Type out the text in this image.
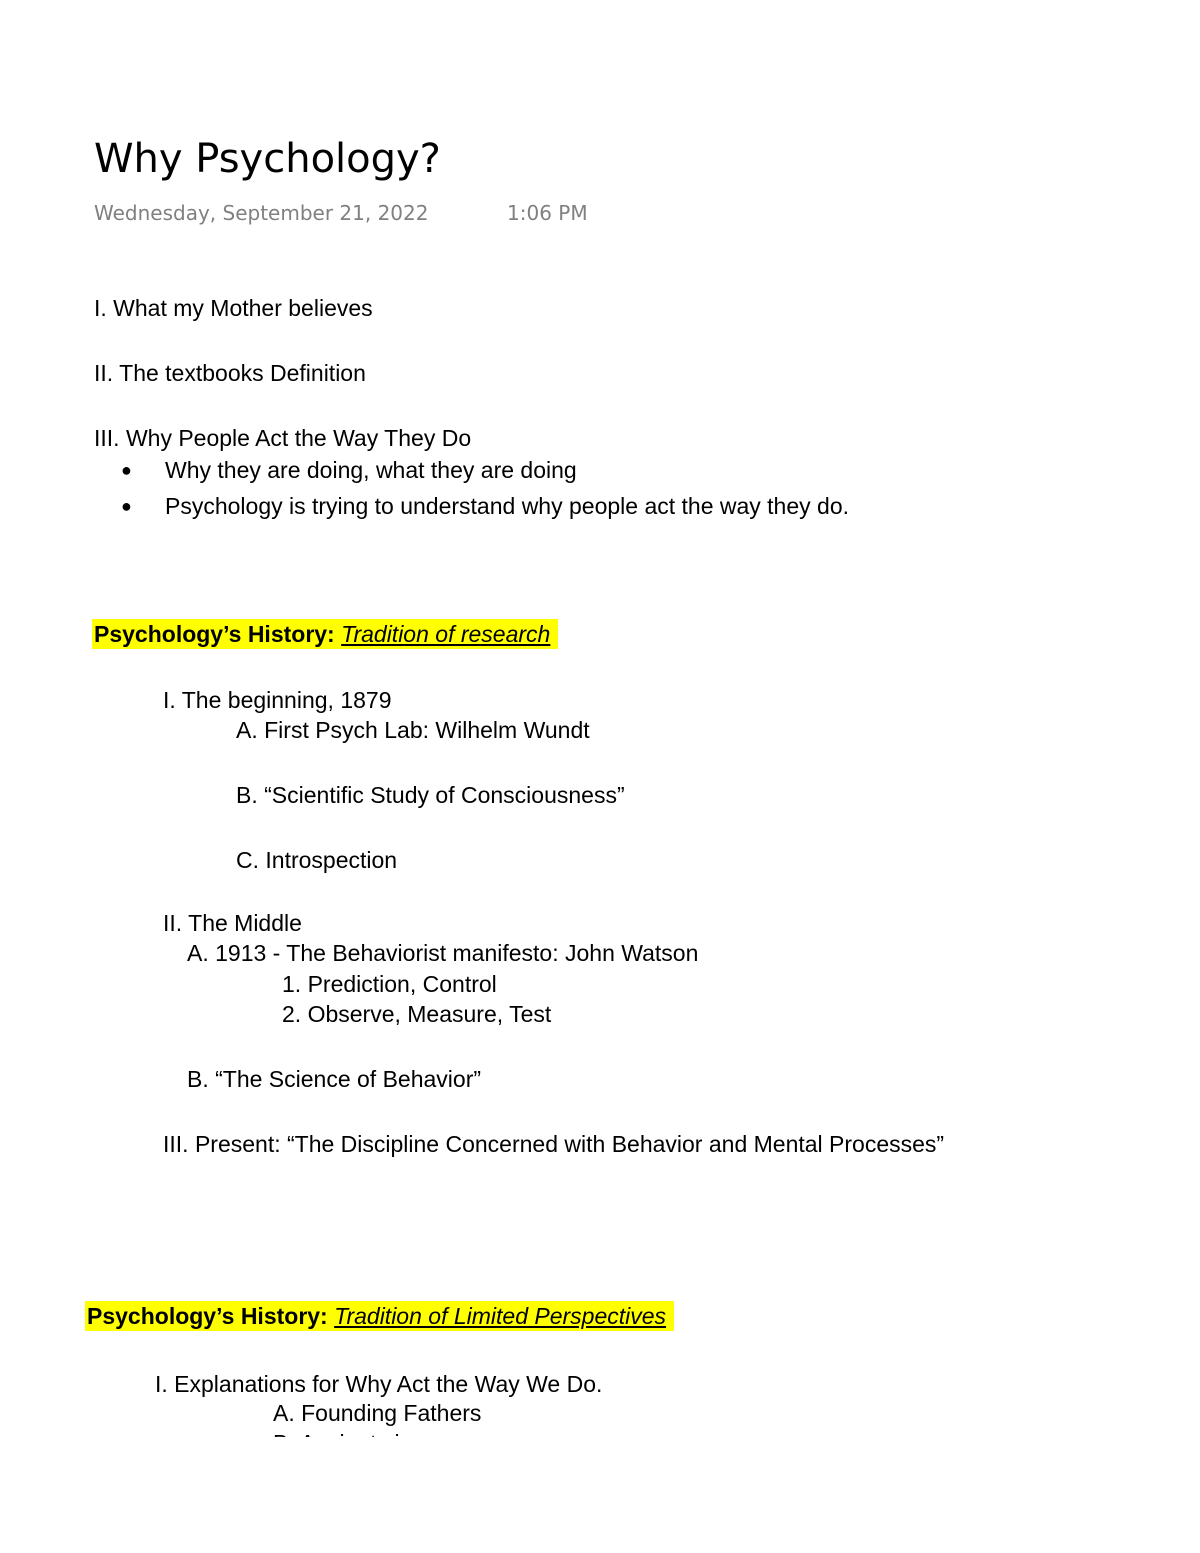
Why Psychology?
Wednesday, September 21, 2022	1:06 PM
I. What my Mother believes
II. The textbooks Definition
III. Why People Act the Way They Do
● Why they are doing, what they are doing
● Psychology is trying to understand why people act the way they do.
Psychology’s History: Tradition of research
I. The beginning, 1879
A. First Psych Lab: Wilhelm Wundt
B. “Scientific Study of Consciousness”
C. Introspection
II. The Middle
A. 1913 - The Behaviorist manifesto: John Watson
1. Prediction, Control
2. Observe, Measure, Test
B. “The Science of Behavior”
III. Present: “The Discipline Concerned with Behavior and Mental Processes”
Psychology’s History: Tradition of Limited Perspectives
I. Explanations for Why Act the Way We Do.
A. Founding Fathers
